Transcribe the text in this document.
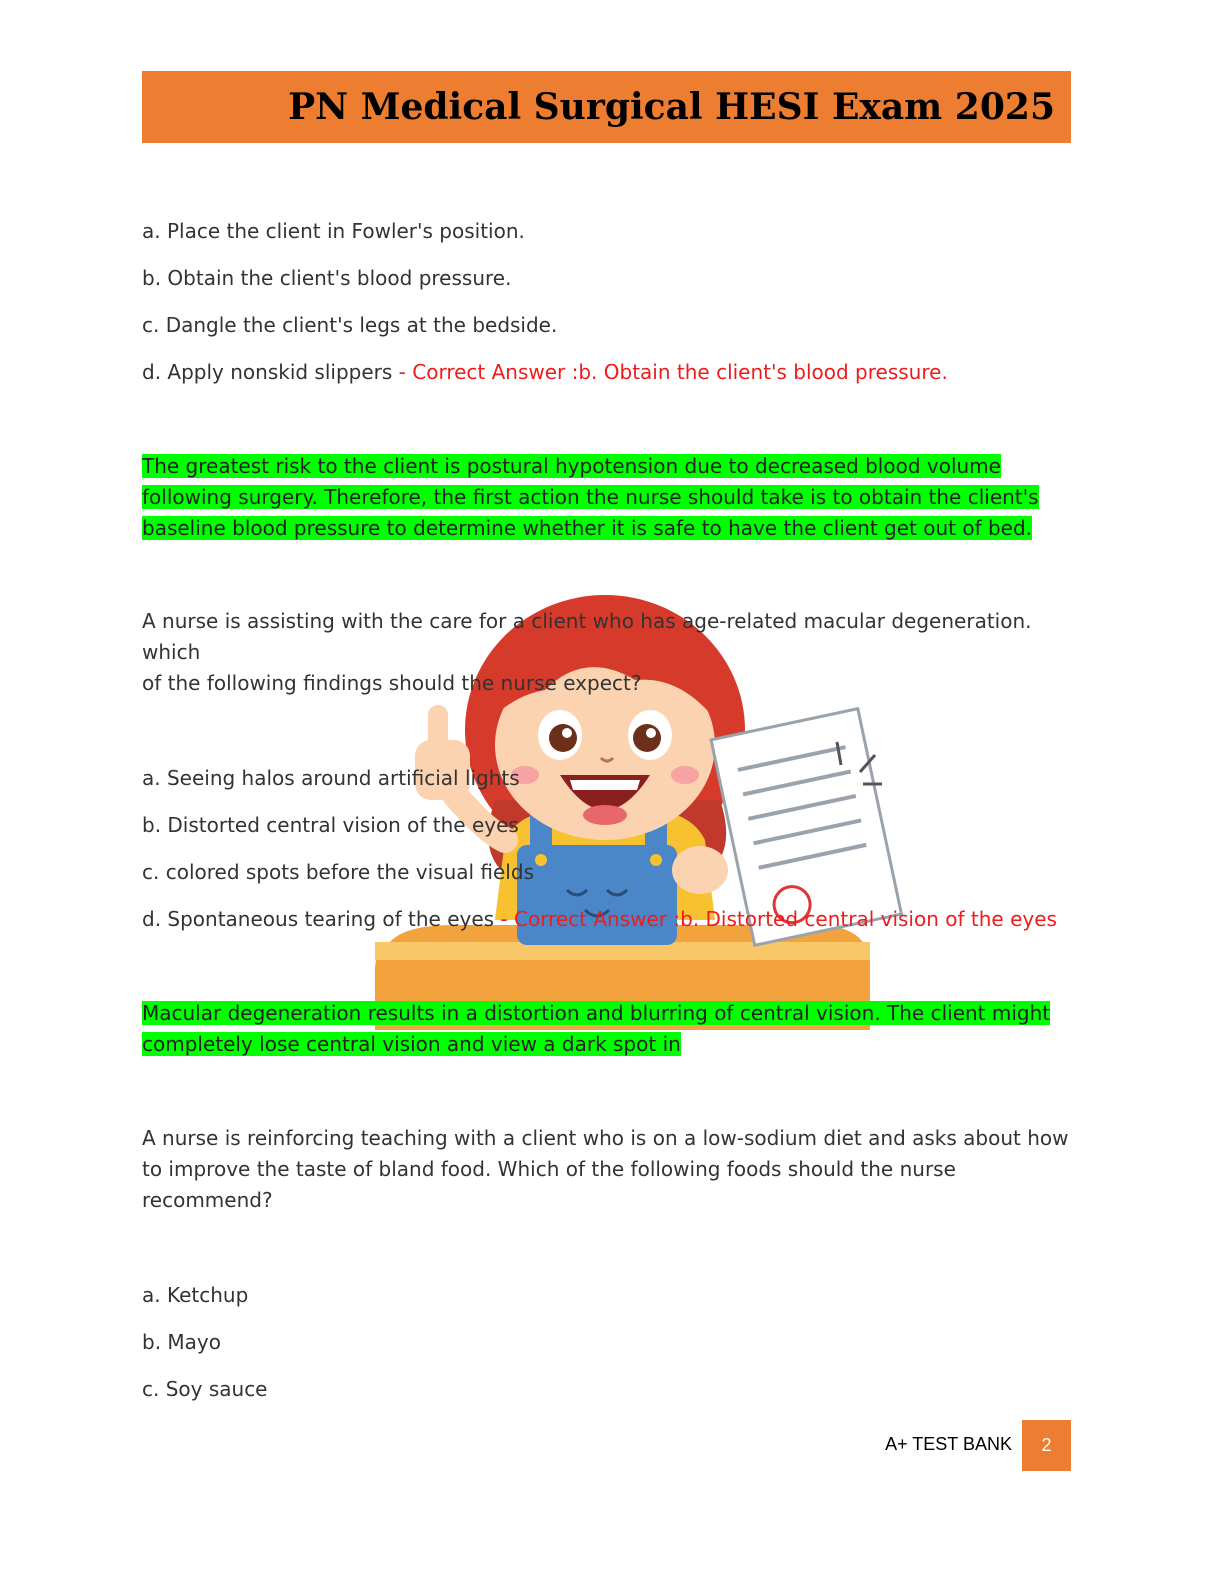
PN Medical Surgical HESI Exam 2025

a. Place the client in Fowler's position.

b. Obtain the client's blood pressure.

c. Dangle the client's legs at the bedside.

d. Apply nonskid slippers - Correct Answer :b. Obtain the client's blood pressure.

The greatest risk to the client is postural hypotension due to decreased blood volume
following surgery. Therefore, the first action the nurse should take is to obtain the client's
baseline blood pressure to determine whether it is safe to have the client get out of bed.
A nurse is assisting with the care for a client who has age-related macular degeneration. which
of the following findings should the nurse expect?

a. Seeing halos around artificial lights

b. Distorted central vision of the eyes

c. colored spots before the visual fields

d. Spontaneous tearing of the eyes - Correct Answer :b. Distorted central vision of the eyes

Macular degeneration results in a distortion and blurring of central vision. The client might
completely lose central vision and view a dark spot in
A nurse is reinforcing teaching with a client who is on a low-sodium diet and asks about how
to improve the taste of bland food. Which of the following foods should the nurse
recommend?

a. Ketchup

b. Mayo

c. Soy sauce

A+ TEST BANK	2
